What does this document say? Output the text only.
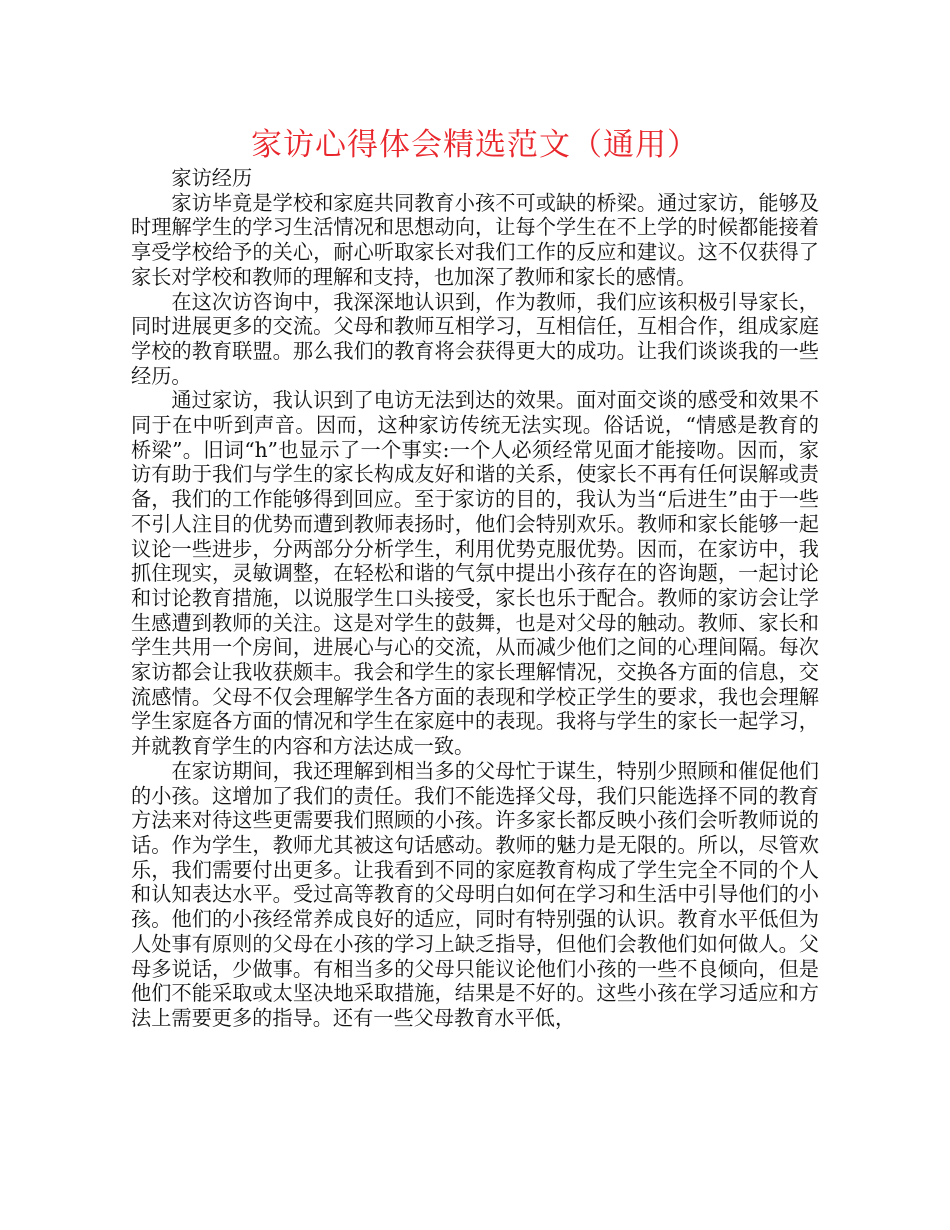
家访心得体会精选范文（通用）

家访经历

家访毕竟是学校和家庭共同教育小孩不可或缺的桥梁。通过家访，能够及时理解学生的学习生活情况和思想动向，让每个学生在不上学的时候都能接着享受学校给予的关心，耐心听取家长对我们工作的反应和建议。这不仅获得了家长对学校和教师的理解和支持，也加深了教师和家长的感情。

在这次访咨询中，我深深地认识到，作为教师，我们应该积极引导家长，同时进展更多的交流。父母和教师互相学习，互相信任，互相合作，组成家庭学校的教育联盟。那么我们的教育将会获得更大的成功。让我们谈谈我的一些经历。

通过家访，我认识到了电访无法到达的效果。面对面交谈的感受和效果不同于在中听到声音。因而，这种家访传统无法实现。俗话说，“情感是教育的桥梁”。旧词“h”也显示了一个事实:一个人必须经常见面才能接吻。因而，家访有助于我们与学生的家长构成友好和谐的关系，使家长不再有任何误解或责备，我们的工作能够得到回应。至于家访的目的，我认为当“后进生”由于一些不引人注目的优势而遭到教师表扬时，他们会特别欢乐。教师和家长能够一起议论一些进步，分两部分分析学生，利用优势克服优势。因而，在家访中，我抓住现实，灵敏调整，在轻松和谐的气氛中提出小孩存在的咨询题，一起讨论和讨论教育措施，以说服学生口头接受，家长也乐于配合。教师的家访会让学生感遭到教师的关注。这是对学生的鼓舞，也是对父母的触动。教师、家长和学生共用一个房间，进展心与心的交流，从而减少他们之间的心理间隔。每次家访都会让我收获颇丰。我会和学生的家长理解情况，交换各方面的信息，交流感情。父母不仅会理解学生各方面的表现和学校正学生的要求，我也会理解学生家庭各方面的情况和学生在家庭中的表现。我将与学生的家长一起学习，并就教育学生的内容和方法达成一致。

在家访期间，我还理解到相当多的父母忙于谋生，特别少照顾和催促他们的小孩。这增加了我们的责任。我们不能选择父母，我们只能选择不同的教育方法来对待这些更需要我们照顾的小孩。许多家长都反映小孩们会听教师说的话。作为学生，教师尤其被这句话感动。教师的魅力是无限的。所以，尽管欢乐，我们需要付出更多。让我看到不同的家庭教育构成了学生完全不同的个人和认知表达水平。受过高等教育的父母明白如何在学习和生活中引导他们的小孩。他们的小孩经常养成良好的适应，同时有特别强的认识。教育水平低但为人处事有原则的父母在小孩的学习上缺乏指导，但他们会教他们如何做人。父母多说话，少做事。有相当多的父母只能议论他们小孩的一些不良倾向，但是他们不能采取或太坚决地采取措施，结果是不好的。这些小孩在学习适应和方法上需要更多的指导。还有一些父母教育水平低，
